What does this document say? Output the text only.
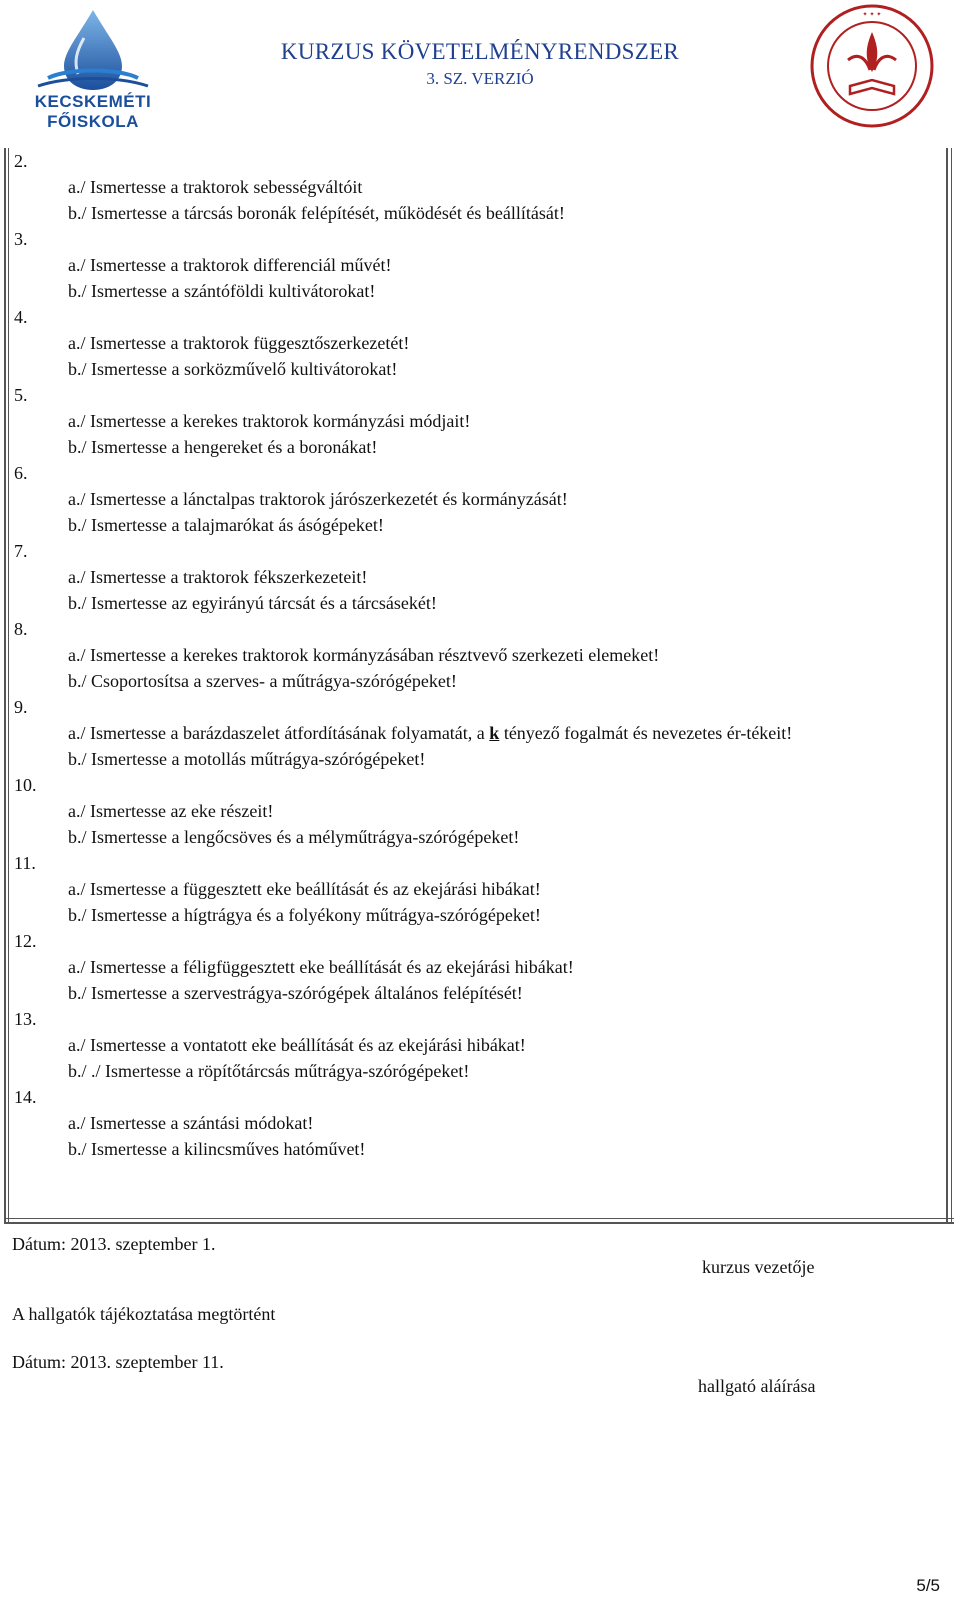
KECSKEMÉTI
FŐISKOLA
KURZUS KÖVETELMÉNYRENDSZER
3. SZ. VERZIÓ
✦ ✦ ✦
2.
a./ Ismertesse a traktorok sebességváltóit
b./ Ismertesse a tárcsás boronák felépítését, működését és beállítását!
3.
a./ Ismertesse a traktorok differenciál művét!
b./ Ismertesse a szántóföldi kultivátorokat!
4.
a./ Ismertesse a traktorok függesztőszerkezetét!
b./ Ismertesse a sorközművelő kultivátorokat!
5.
a./ Ismertesse a kerekes traktorok kormányzási módjait!
b./ Ismertesse a hengereket és a boronákat!
6.
a./ Ismertesse a lánctalpas traktorok járószerkezetét és kormányzását!
b./ Ismertesse a talajmarókat ás ásógépeket!
7.
a./ Ismertesse a traktorok fékszerkezeteit!
b./ Ismertesse az egyirányú tárcsát és a tárcsásekét!
8.
a./ Ismertesse a kerekes traktorok kormányzásában résztvevő szerkezeti elemeket!
b./ Csoportosítsa a szerves- a műtrágya-szórógépeket!
9.
a./ Ismertesse a barázdaszelet átfordításának folyamatát, a k tényező fogalmát és nevezetes ér-tékeit!
b./ Ismertesse a motollás műtrágya-szórógépeket!
10.
a./ Ismertesse az eke részeit!
b./ Ismertesse a lengőcsöves és a mélyműtrágya-szórógépeket!
11.
a./ Ismertesse a függesztett eke beállítását és az ekejárási hibákat!
b./ Ismertesse a hígtrágya és a folyékony műtrágya-szórógépeket!
12.
a./ Ismertesse a féligfüggesztett eke beállítását és az ekejárási hibákat!
b./ Ismertesse a szervestrágya-szórógépek általános felépítését!
13.
a./ Ismertesse a vontatott eke beállítását és az ekejárási hibákat!
b./ ./ Ismertesse a röpítőtárcsás műtrágya-szórógépeket!
14.
a./ Ismertesse a szántási módokat!
b./ Ismertesse a kilincsműves hatóművet!
Dátum: 2013. szeptember 1.
kurzus vezetője
A hallgatók tájékoztatása megtörtént
Dátum: 2013. szeptember 11.
hallgató aláírása
5/5
